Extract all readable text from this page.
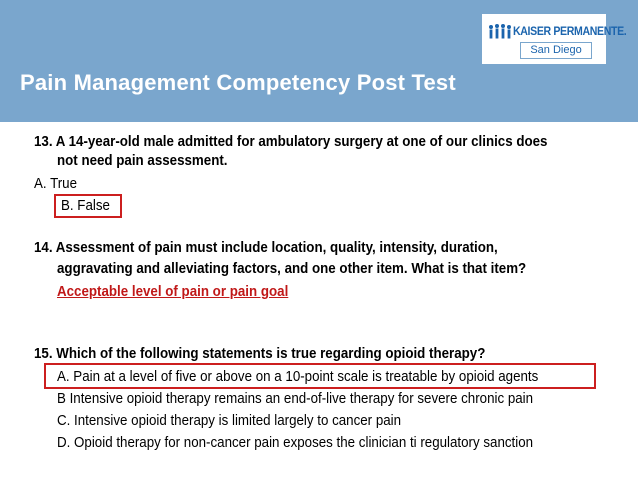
KAISER PERMANENTE.
San Diego
Pain Management Competency Post Test
13. A 14-year-old male admitted for ambulatory surgery at one of our clinics does
not need pain assessment.
A. True
B. False
14. Assessment of pain must include location, quality, intensity, duration,
aggravating and alleviating factors, and one other item. What is that item?
Acceptable level of pain or pain goal
15. Which of the following statements is true regarding opioid therapy?
A. Pain at a level of five or above on a 10-point scale is treatable by opioid agents
B Intensive opioid therapy remains an end-of-live therapy for severe chronic pain
C. Intensive opioid therapy is limited largely to cancer pain
D. Opioid therapy for non-cancer pain exposes the clinician ti regulatory sanction
